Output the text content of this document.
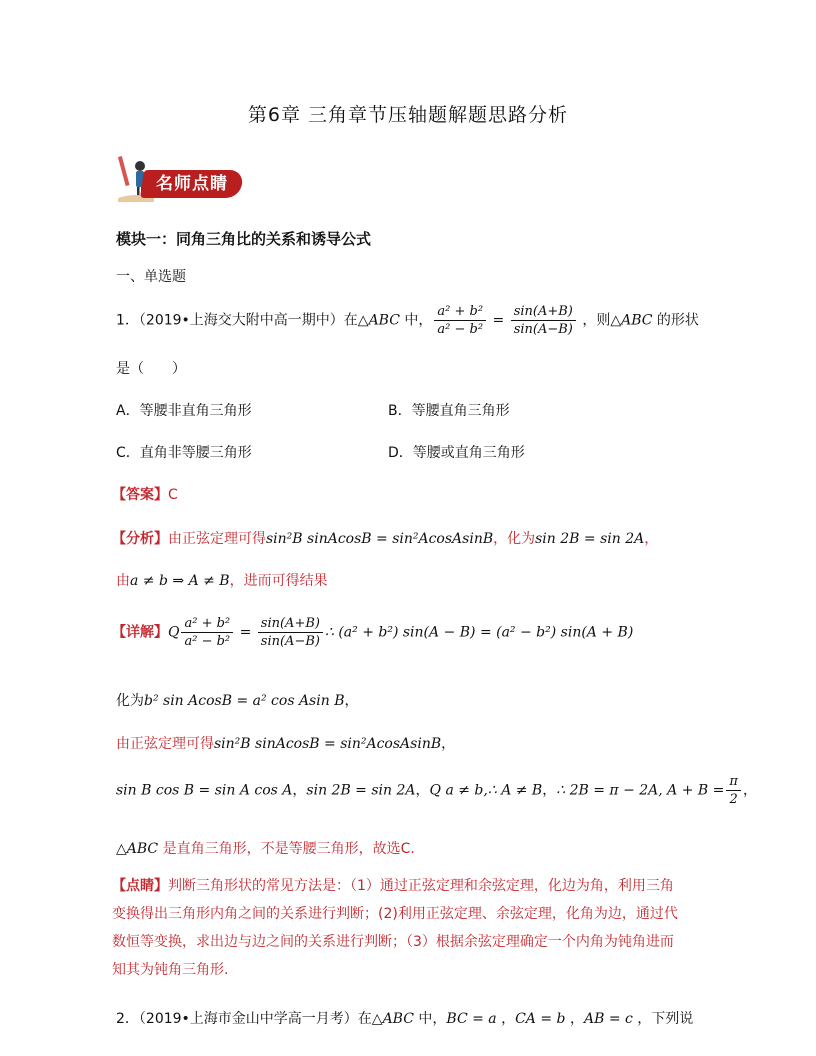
第6章 三角章节压轴题解题思路分析
名师点睛
模块一：同角三角比的关系和诱导公式
一、单选题
1．（2019•上海交大附中高一期中）在△ABC 中， $\frac{\text{a² + b²}}{\text{a² − b²}} = \frac{\sin(A+B)}{\sin(A-B)}$ ，则△ABC 的形状
是（　　）
A．等腰非直角三角形	B．等腰直角三角形
C．直角非等腰三角形	D．等腰或直角三角形
【答案】C
【分析】由正弦定理可得sin²B sinAcosB = sin²AcosAsinB，化为sin 2B = sin 2A，
由a ≠ b ⇒ A ≠ B，进而可得结果
【详解】Q $\frac{\text{a² + b²}}{\text{a² − b²}} = \frac{\sin(A+B)}{\sin(A-B)}$ ∴ (a² + b²) sin(A − B) = (a² − b²) sin(A + B)
化为b² sin AcosB = a² cos Asin B，
由正弦定理可得sin²B sinAcosB = sin²AcosAsinB，
sin B cos B = sin A cos A，sin 2B = sin 2A，Q a ≠ b,∴ A ≠ B，∴ 2B = π − 2A, $A + B = \frac{\pi}{2}$ ，
△ABC 是直角三角形，不是等腰三角形，故选C.
【点睛】判断三角形状的常见方法是：（1）通过正弦定理和余弦定理，化边为角，利用三角
变换得出三角形内角之间的关系进行判断；(2)利用正弦定理、余弦定理，化角为边，通过代
数恒等变换，求出边与边之间的关系进行判断；（3）根据余弦定理确定一个内角为钝角进而
知其为钝角三角形.
2．（2019•上海市金山中学高一月考）在△ABC 中，BC = a ，CA = b ，AB = c ，下列说
